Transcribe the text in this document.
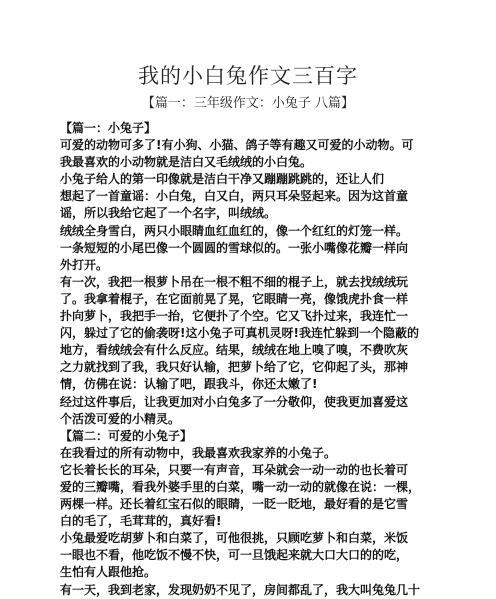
我的小白兔作文三百字
【篇一：三年级作文：小兔子 八篇】
【篇一：小兔子】
可爱的动物可多了!有小狗、小猫、鸽子等有趣又可爱的小动物。可
我最喜欢的小动物就是洁白又毛绒绒的小白兔。
小兔子给人的第一印像就是洁白干净又蹦蹦跳跳的，还让人们
想起了一首童谣：小白兔，白又白，两只耳朵竖起来。因为这首童
谣，所以我给它起了一个名字，叫绒绒。
绒绒全身雪白，两只小眼睛血红血红的，像一个红红的灯笼一样。
一条短短的小尾巴像一个圆圆的雪球似的。一张小嘴像花瓣一样向
外打开。
有一次，我把一根萝卜吊在一根不粗不细的棍子上，就去找绒绒玩
了。我拿着棍子，在它面前晃了晃，它眼睛一亮，像饿虎扑食一样
扑向萝卜，我把手一抬，它便扑了个空。它又飞扑过来，我连忙一
闪，躲过了它的偷袭呀!这小兔子可真机灵呀!我连忙躲到一个隐蔽的
地方，看绒绒会有什么反应。结果，绒绒在地上嗅了嗅，不费吹灰
之力就找到了我，我只好认输，把萝卜给了它，它仰起了头，那神
情，仿佛在说：认输了吧，跟我斗，你还太嫩了!
经过这件事后，让我更加对小白兔多了一分敬仰，使我更加喜爱这
个活泼可爱的小精灵。
【篇二：可爱的小兔子】
在我看过的所有动物中，我最喜欢我家养的小兔子。
它长着长长的耳朵，只要一有声音，耳朵就会一动一动的也长着可
爱的三瓣嘴，看我外婆手里的白菜，嘴一动一动的就像在说：一棵，
两棵一样。还长着红宝石似的眼睛，一眨一眨地，最好看的是它雪
白的毛了，毛茸茸的，真好看!
小兔最爱吃胡萝卜和白菜了，可他很挑，只顾吃萝卜和白菜，米饭
一眼也不看，他吃饭不慢不快，可一旦饿起来就大口大口的的吃，
生怕有人跟他抢。
有一天，我到老家，发现奶奶不见了，房间都乱了，我大叫兔兔几十
